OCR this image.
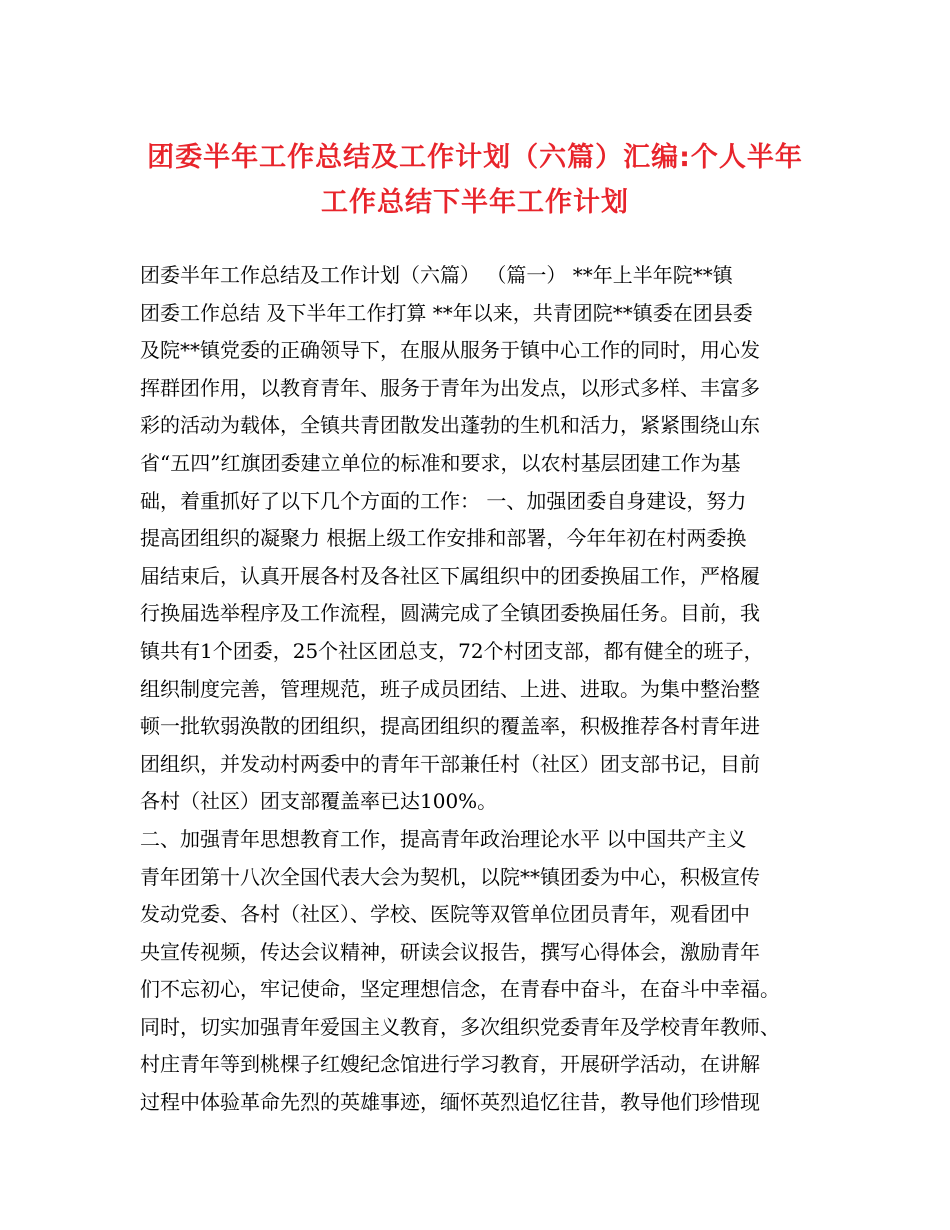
团委半年工作总结及工作计划（六篇）汇编:个人半年
工作总结下半年工作计划
团委半年工作总结及工作计划（六篇） （篇一） **年上半年院**镇
团委工作总结 及下半年工作打算 **年以来，共青团院**镇委在团县委
及院**镇党委的正确领导下，在服从服务于镇中心工作的同时，用心发
挥群团作用，以教育青年、服务于青年为出发点，以形式多样、丰富多
彩的活动为载体，全镇共青团散发出蓬勃的生机和活力，紧紧围绕山东
省“五四”红旗团委建立单位的标准和要求，以农村基层团建工作为基
础，着重抓好了以下几个方面的工作： 一、加强团委自身建设，努力
提高团组织的凝聚力 根据上级工作安排和部署，今年年初在村两委换
届结束后，认真开展各村及各社区下属组织中的团委换届工作，严格履
行换届选举程序及工作流程，圆满完成了全镇团委换届任务。目前，我
镇共有1个团委，25个社区团总支，72个村团支部，都有健全的班子，
组织制度完善，管理规范，班子成员团结、上进、进取。为集中整治整
顿一批软弱涣散的团组织，提高团组织的覆盖率，积极推荐各村青年进
团组织，并发动村两委中的青年干部兼任村（社区）团支部书记，目前
各村（社区）团支部覆盖率已达100%。
二、加强青年思想教育工作，提高青年政治理论水平 以中国共产主义
青年团第十八次全国代表大会为契机，以院**镇团委为中心，积极宣传
发动党委、各村（社区）、学校、医院等双管单位团员青年，观看团中
央宣传视频，传达会议精神，研读会议报告，撰写心得体会，激励青年
们不忘初心，牢记使命，坚定理想信念，在青春中奋斗，在奋斗中幸福。
同时，切实加强青年爱国主义教育，多次组织党委青年及学校青年教师、
村庄青年等到桃棵子红嫂纪念馆进行学习教育，开展研学活动，在讲解
过程中体验革命先烈的英雄事迹，缅怀英烈追忆往昔，教导他们珍惜现
